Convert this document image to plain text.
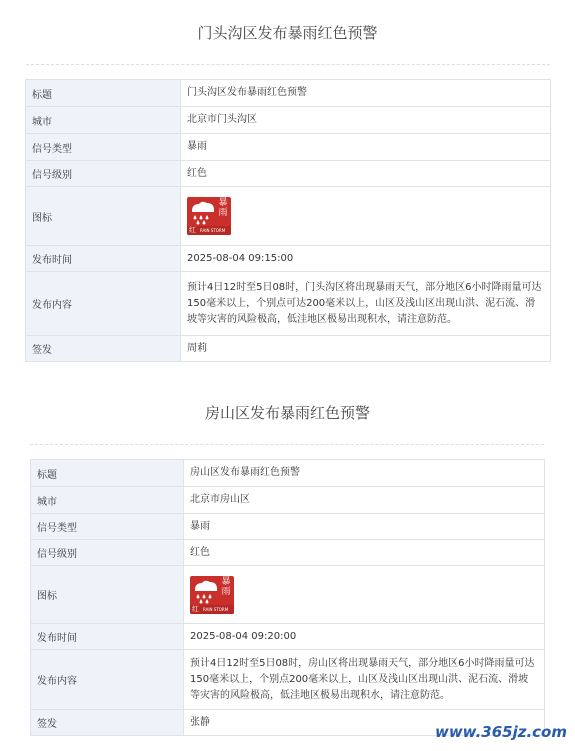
门头沟区发布暴雨红色预警
标题	门头沟区发布暴雨红色预警
城市	北京市门头沟区
信号类型	暴雨
信号级别	红色
图标	暴
雨
红 RAIN STORM

发布时间	2025-08-04 09:15:00
发布内容	预计4日12时至5日08时，门头沟区将出现暴雨天气，部分地区6小时降雨量可达150毫米以上，个别点可达200毫米以上，山区及浅山区出现山洪、泥石流、滑坡等灾害的风险极高，低洼地区极易出现积水，请注意防范。
签发	周莉
房山区发布暴雨红色预警
标题	房山区发布暴雨红色预警
城市	北京市房山区
信号类型	暴雨
信号级别	红色
图标	暴
雨
红 RAIN STORM

发布时间	2025-08-04 09:20:00
发布内容	预计4日12时至5日08时，房山区将出现暴雨天气，部分地区6小时降雨量可达150毫米以上，个别点200毫米以上，山区及浅山区出现山洪、泥石流、滑坡等灾害的风险极高，低洼地区极易出现积水，请注意防范。
签发	张静
www.365jz.com
